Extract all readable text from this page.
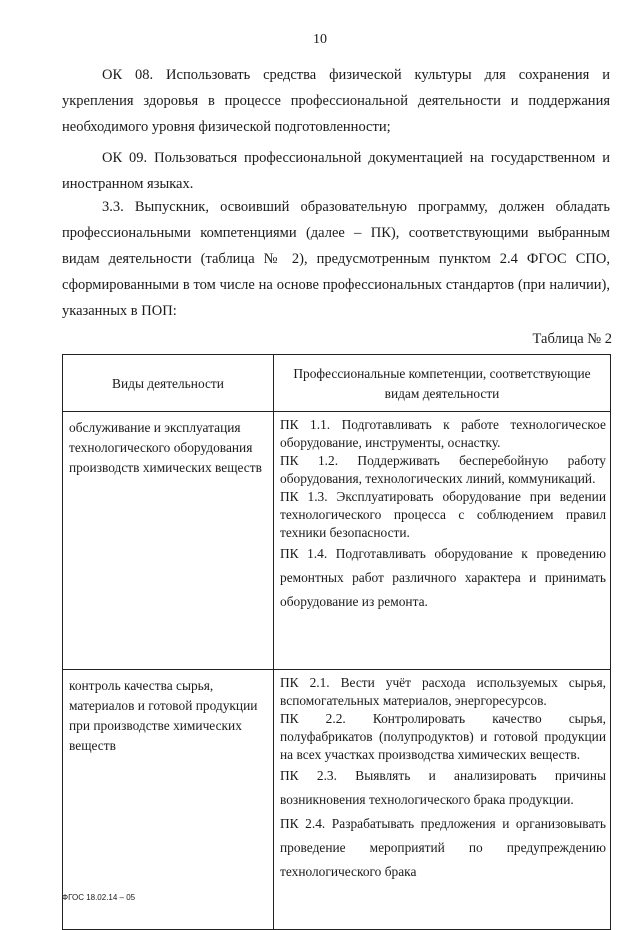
10

ОК 08. Использовать средства физической культуры для сохранения и укрепления здоровья в процессе профессиональной деятельности и поддержания необходимого уровня физической подготовленности;

ОК 09. Пользоваться профессиональной документацией на государственном и иностранном языках.

3.3. Выпускник, освоивший образовательную программу, должен обладать профессиональными компетенциями (далее – ПК), соответствующими выбранным видам деятельности (таблица № 2), предусмотренным пунктом 2.4 ФГОС СПО, сформированными в том числе на основе профессиональных стандартов (при наличии), указанных в ПОП:

Таблица № 2
Виды деятельности	Профессиональные компетенции, соответствующие видам деятельности
обслуживание и эксплуатация технологического оборудования производств химических веществ	ПК 1.1. Подготавливать к работе технологическое оборудование, инструменты, оснастку.

ПК 1.2. Поддерживать бесперебойную работу оборудования, технологических линий, коммуникаций.

ПК 1.3. Эксплуатировать оборудование при ведении технологического процесса с соблюдением правил техники безопасности.

ПК 1.4. Подготавливать оборудование к проведению ремонтных работ различного характера и принимать оборудование из ремонта.

контроль качества сырья, материалов и готовой продукции при производстве химических веществ	ПК 2.1. Вести учёт расхода используемых сырья, вспомогательных материалов, энергоресурсов.

ПК 2.2. Контролировать качество сырья, полуфабрикатов (полупродуктов) и готовой продукции на всех участках производства химических веществ.

ПК 2.3. Выявлять и анализировать причины возникновения технологического брака продукции.

ПК 2.4. Разрабатывать предложения и организовывать проведение мероприятий по предупреждению технологического брака

ФГОС 18.02.14 – 05
